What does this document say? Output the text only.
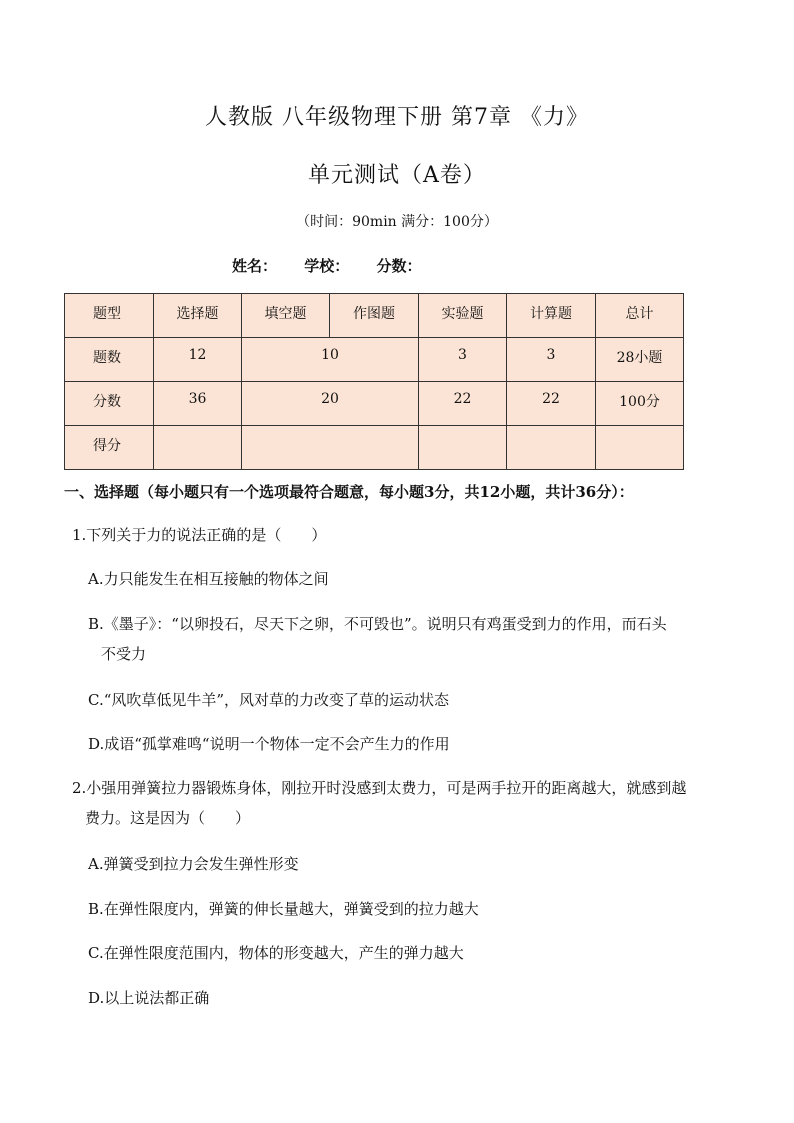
人教版 八年级物理下册 第7章 《力》
单元测试（A卷）
（时间：90min 满分：100分）
姓名： 学校： 分数：
题型	选择题	填空题	作图题	实验题	计算题	总计
题数	12	10		3	3	28小题
分数	36	20		22	22	100分
得分						
一、选择题（每小题只有一个选项最符合题意，每小题3分，共12小题，共计36分）：
1.下列关于力的说法正确的是（　　）
A.力只能发生在相互接触的物体之间
B.《墨子》：“以卵投石，尽天下之卵，不可毁也”。说明只有鸡蛋受到力的作用，而石头
不受力
C.“风吹草低见牛羊”，风对草的力改变了草的运动状态
D.成语“孤掌难鸣“说明一个物体一定不会产生力的作用
2.小强用弹簧拉力器锻炼身体，刚拉开时没感到太费力，可是两手拉开的距离越大，就感到越
费力。这是因为（　　）
A.弹簧受到拉力会发生弹性形变
B.在弹性限度内，弹簧的伸长量越大，弹簧受到的拉力越大
C.在弹性限度范围内，物体的形变越大，产生的弹力越大
D.以上说法都正确
